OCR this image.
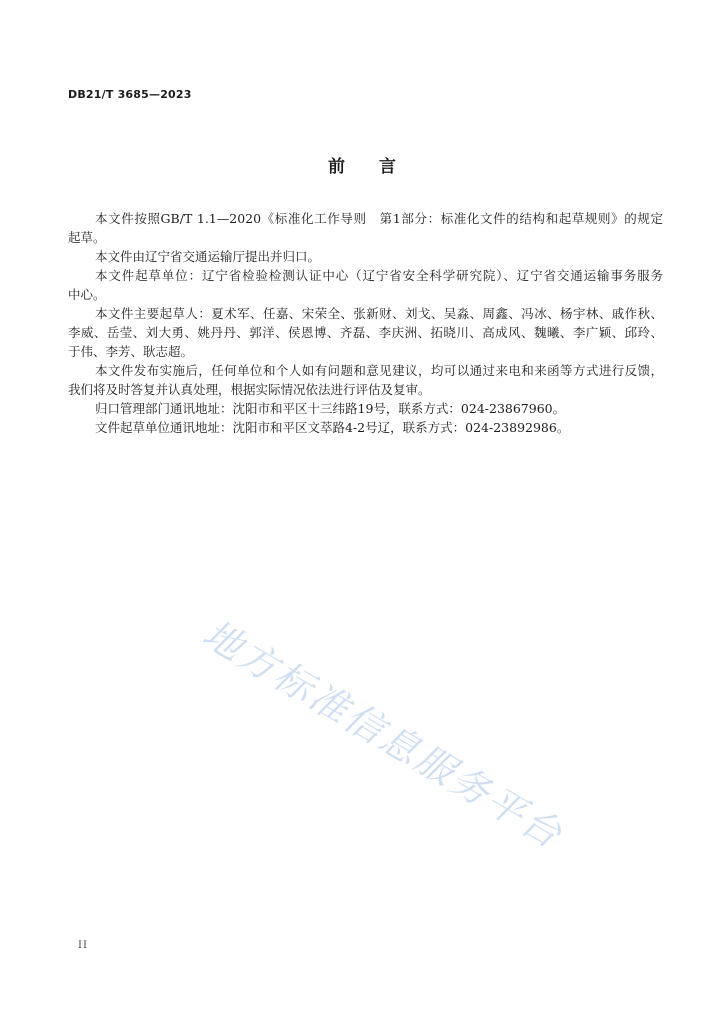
DB21/T 3685—2023
前　　言
本文件按照GB/T 1.1—2020《标准化工作导则　第1部分：标准化文件的结构和起草规则》的规定
起草。
本文件由辽宁省交通运输厅提出并归口。
本文件起草单位：辽宁省检验检测认证中心（辽宁省安全科学研究院）、辽宁省交通运输事务服务
中心。
本文件主要起草人：夏术军、任嘉、宋荣全、张新财、刘戈、吴淼、周鑫、冯冰、杨宇林、戚作秋、
李威、岳莹、刘大勇、姚丹丹、郭洋、侯恩博、齐磊、李庆洲、拓晓川、高成风、魏曦、李广颖、邱玲、
于伟、李芳、耿志超。
本文件发布实施后，任何单位和个人如有问题和意见建议，均可以通过来电和来函等方式进行反馈，
我们将及时答复并认真处理，根据实际情况依法进行评估及复审。
归口管理部门通讯地址：沈阳市和平区十三纬路19号，联系方式：024-23867960。
文件起草单位通讯地址：沈阳市和平区文萃路4-2号辽，联系方式：024-23892986。
地方标准信息服务平台
II
